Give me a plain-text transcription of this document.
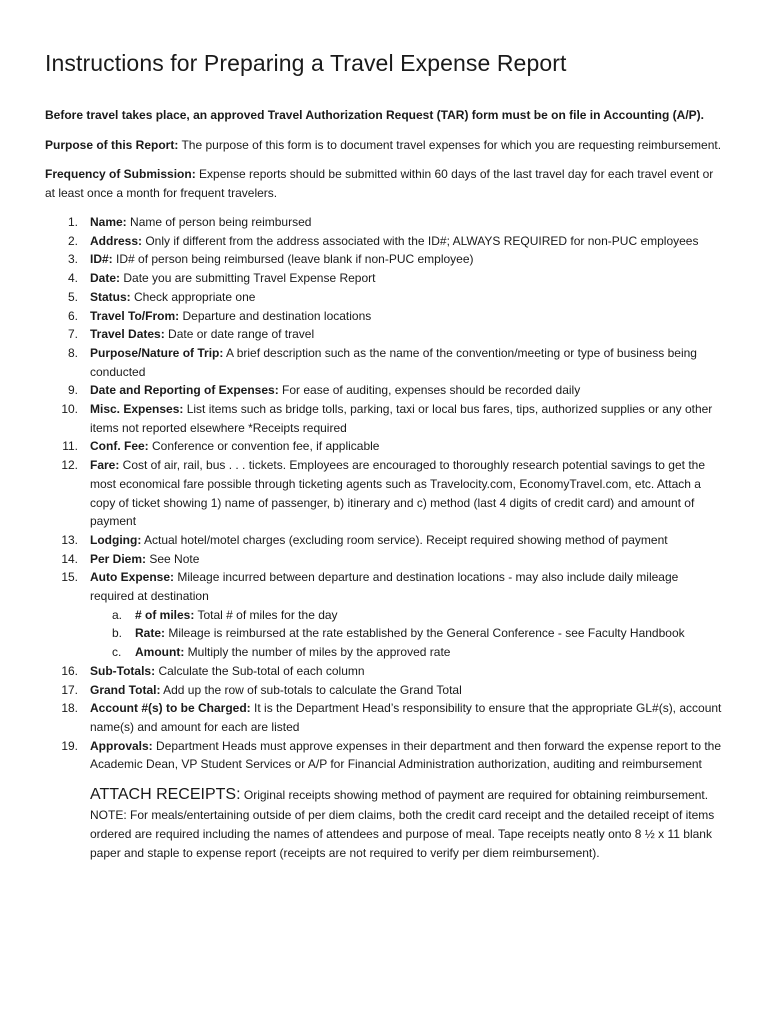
Instructions for Preparing a Travel Expense Report

Before travel takes place, an approved Travel Authorization Request (TAR) form must be on file in Accounting (A/P).

Purpose of this Report: The purpose of this form is to document travel expenses for which you are requesting reimbursement.

Frequency of Submission: Expense reports should be submitted within 60 days of the last travel day for each travel event or at least once a month for frequent travelers.

1.	Name: Name of person being reimbursed
2.	Address: Only if different from the address associated with the ID#; ALWAYS REQUIRED for non-PUC employees
3.	ID#: ID# of person being reimbursed (leave blank if non-PUC employee)
4.	Date: Date you are submitting Travel Expense Report
5.	Status: Check appropriate one
6.	Travel To/From: Departure and destination locations
7.	Travel Dates: Date or date range of travel
8.	Purpose/Nature of Trip: A brief description such as the name of the convention/meeting or type of business being conducted
9.	Date and Reporting of Expenses: For ease of auditing, expenses should be recorded daily
10.	Misc. Expenses: List items such as bridge tolls, parking, taxi or local bus fares, tips, authorized supplies or any other items not reported elsewhere *Receipts required
11.	Conf. Fee: Conference or convention fee, if applicable
12.	Fare: Cost of air, rail, bus . . . tickets. Employees are encouraged to thoroughly research potential savings to get the most economical fare possible through ticketing agents such as Travelocity.com, EconomyTravel.com, etc. Attach a copy of ticket showing 1) name of passenger, b) itinerary and c) method (last 4 digits of credit card) and amount of payment
13.	Lodging: Actual hotel/motel charges (excluding room service). Receipt required showing method of payment
14.	Per Diem: See Note
15.	Auto Expense: Mileage incurred between departure and destination locations - may also include daily mileage required at destination
a.	# of miles: Total # of miles for the day
b.	Rate: Mileage is reimbursed at the rate established by the General Conference - see Faculty Handbook
c.	Amount: Multiply the number of miles by the approved rate
16.	Sub-Totals: Calculate the Sub-total of each column
17.	Grand Total: Add up the row of sub-totals to calculate the Grand Total
18.	Account #(s) to be Charged: It is the Department Head’s responsibility to ensure that the appropriate GL#(s), account name(s) and amount for each are listed
19.	Approvals: Department Heads must approve expenses in their department and then forward the expense report to the Academic Dean, VP Student Services or A/P for Financial Administration authorization, auditing and reimbursement
ATTACH RECEIPTS: Original receipts showing method of payment are required for obtaining reimbursement. NOTE: For meals/entertaining outside of per diem claims, both the credit card receipt and the detailed receipt of items ordered are required including the names of attendees and purpose of meal. Tape receipts neatly onto 8 ½ x 11 blank paper and staple to expense report (receipts are not required to verify per diem reimbursement).
